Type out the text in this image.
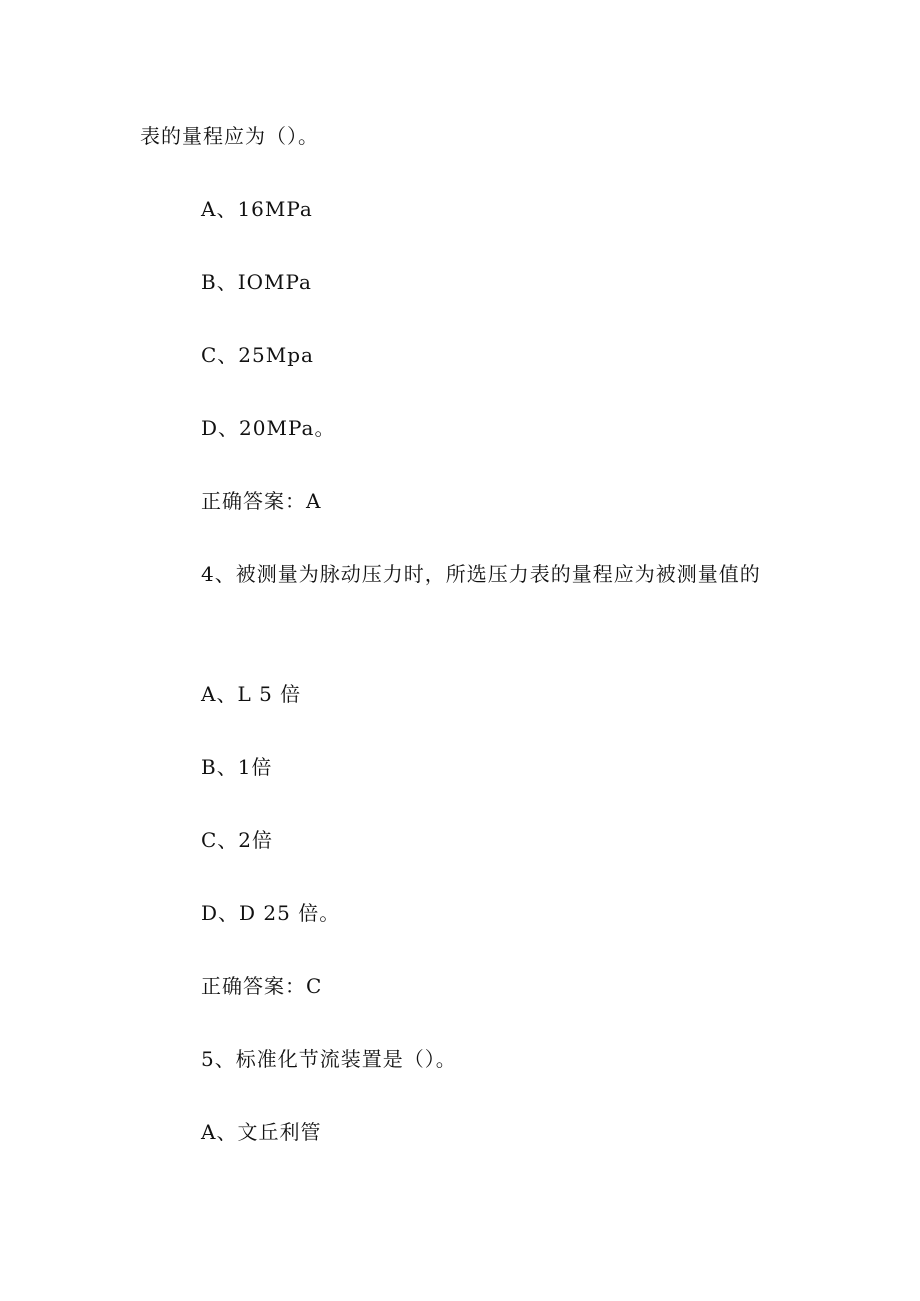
表的量程应为（）。
A、16MPa
B、IOMPa
C、25Mpa
D、20MPa。
正确答案：A
4、被测量为脉动压力时，所选压力表的量程应为被测量值的
A、L 5 倍
B、1倍
C、2倍
D、D 25 倍。
正确答案：C
5、标准化节流装置是（）。
A、文丘利管
